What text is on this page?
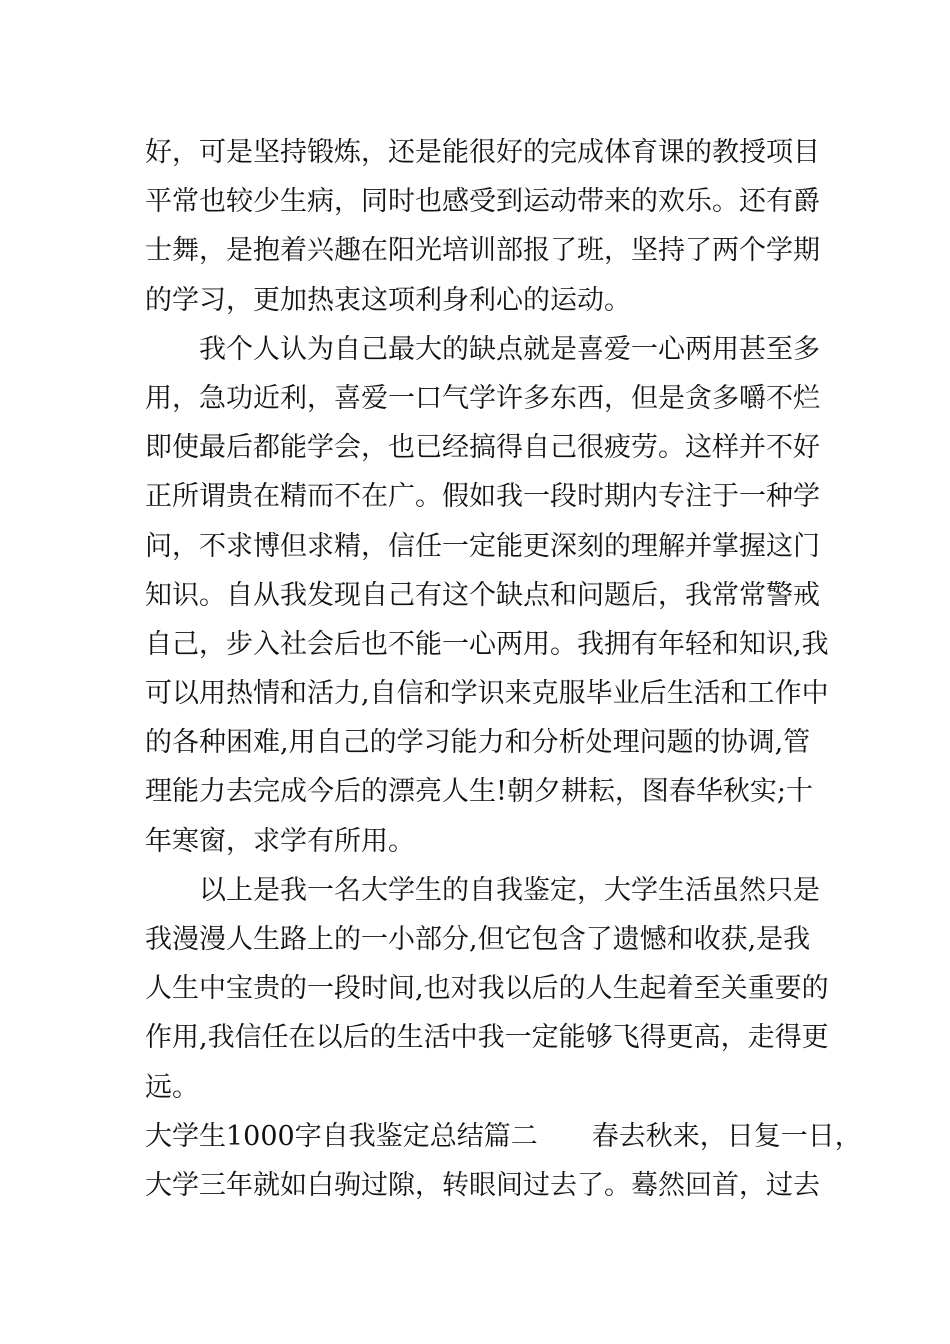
好，可是坚持锻炼，还是能很好的完成体育课的教授项目
平常也较少生病，同时也感受到运动带来的欢乐。还有爵
士舞，是抱着兴趣在阳光培训部报了班，坚持了两个学期
的学习，更加热衷这项利身利心的运动。
我个人认为自己最大的缺点就是喜爱一心两用甚至多
用，急功近利，喜爱一口气学许多东西，但是贪多嚼不烂
即使最后都能学会，也已经搞得自己很疲劳。这样并不好
正所谓贵在精而不在广。假如我一段时期内专注于一种学
问，不求博但求精，信任一定能更深刻的理解并掌握这门
知识。自从我发现自己有这个缺点和问题后，我常常警戒
自己，步入社会后也不能一心两用。我拥有年轻和知识,我
可以用热情和活力,自信和学识来克服毕业后生活和工作中
的各种困难,用自己的学习能力和分析处理问题的协调,管
理能力去完成今后的漂亮人生!朝夕耕耘，图春华秋实;十
年寒窗，求学有所用。
以上是我一名大学生的自我鉴定，大学生活虽然只是
我漫漫人生路上的一小部分,但它包含了遗憾和收获,是我
人生中宝贵的一段时间,也对我以后的人生起着至关重要的
作用,我信任在以后的生活中我一定能够飞得更高，走得更
远。
大学生1000字自我鉴定总结篇二 春去秋来，日复一日，
大学三年就如白驹过隙，转眼间过去了。蓦然回首，过去
